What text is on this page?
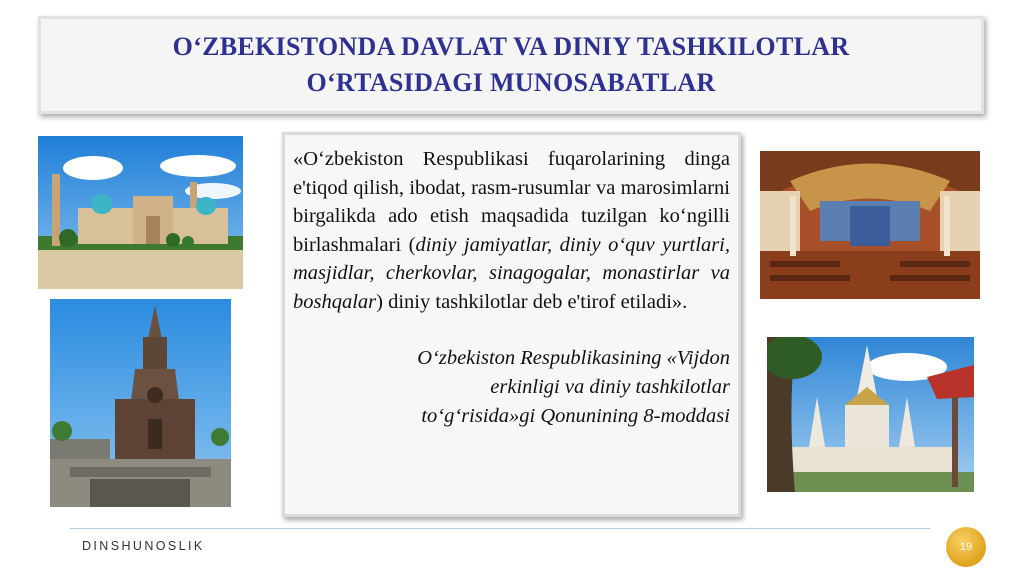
O‘ZBEKISTONDA DAVLAT VA DINIY TASHKILOTLAR
O‘RTASIDAGI MUNOSABATLAR
«O‘zbekiston Respublikasi fuqarolarining dinga e'tiqod qilish, ibodat, rasm-rusumlar va marosimlarni birgalikda ado etish maqsadida tuzilgan ko‘ngilli birlashmalari (diniy jamiyatlar, diniy o‘quv yurtlari, masjidlar, cherkovlar, sinagogalar, monastirlar va boshqalar) diniy tashkilotlar deb e'tirof etiladi».
O‘zbekiston Respublikasining «Vijdon
erkinligi va diniy tashkilotlar
to‘g‘risida»gi Qonunining 8-moddasi
DINSHUNOSLIK	19
